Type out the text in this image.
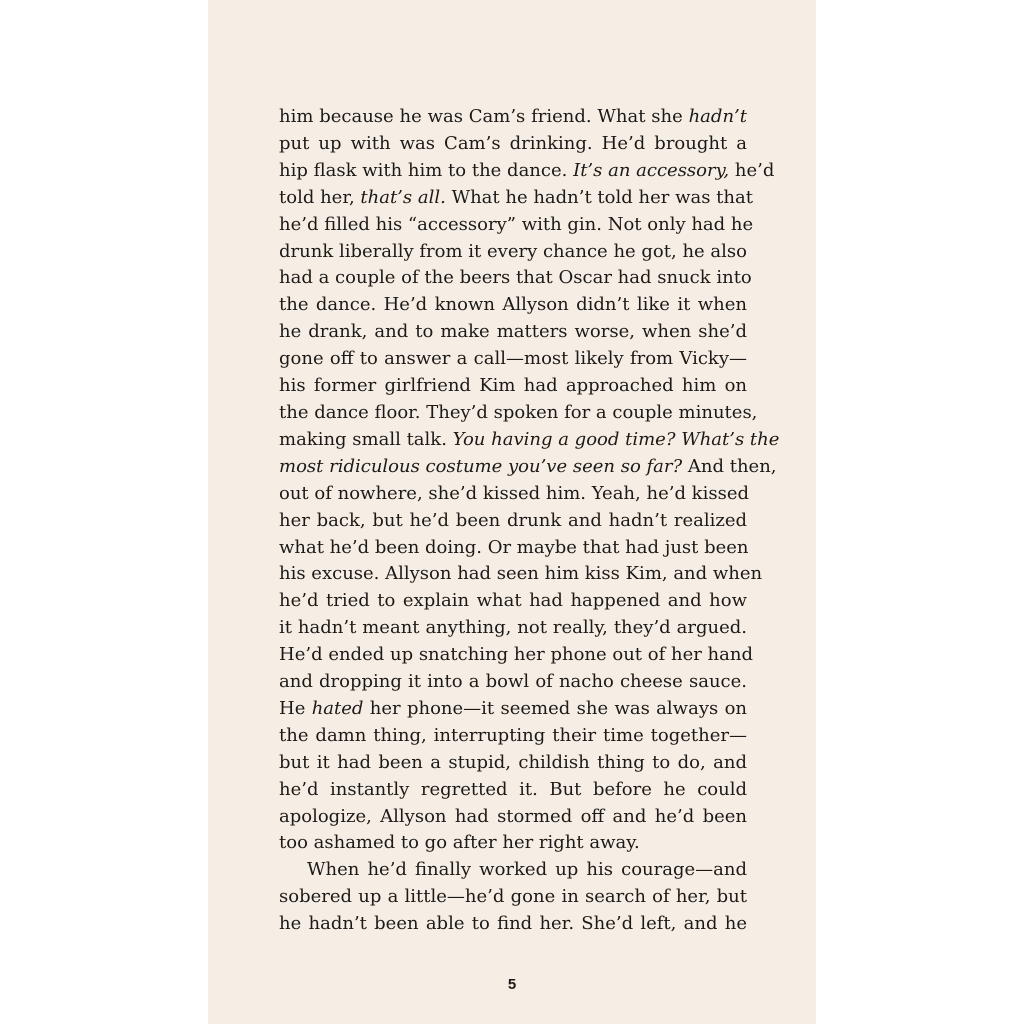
him because he was Cam’s friend. What she hadn’t
put up with was Cam’s drinking. He’d brought a
hip flask with him to the dance. It’s an accessory, he’d
told her, that’s all. What he hadn’t told her was that
he’d filled his “accessory” with gin. Not only had he
drunk liberally from it every chance he got, he also
had a couple of the beers that Oscar had snuck into
the dance. He’d known Allyson didn’t like it when
he drank, and to make matters worse, when she’d
gone off to answer a call—most likely from Vicky—
his former girlfriend Kim had approached him on
the dance floor. They’d spoken for a couple minutes,
making small talk. You having a good time? What’s the
most ridiculous costume you’ve seen so far? And then,
out of nowhere, she’d kissed him. Yeah, he’d kissed
her back, but he’d been drunk and hadn’t realized
what he’d been doing. Or maybe that had just been
his excuse. Allyson had seen him kiss Kim, and when
he’d tried to explain what had happened and how
it hadn’t meant anything, not really, they’d argued.
He’d ended up snatching her phone out of her hand
and dropping it into a bowl of nacho cheese sauce.
He hated her phone—it seemed she was always on
the damn thing, interrupting their time together—
but it had been a stupid, childish thing to do, and
he’d instantly regretted it. But before he could
apologize, Allyson had stormed off and he’d been
too ashamed to go after her right away.

When he’d finally worked up his courage—and
sobered up a little—he’d gone in search of her, but
he hadn’t been able to find her. She’d left, and he

5
